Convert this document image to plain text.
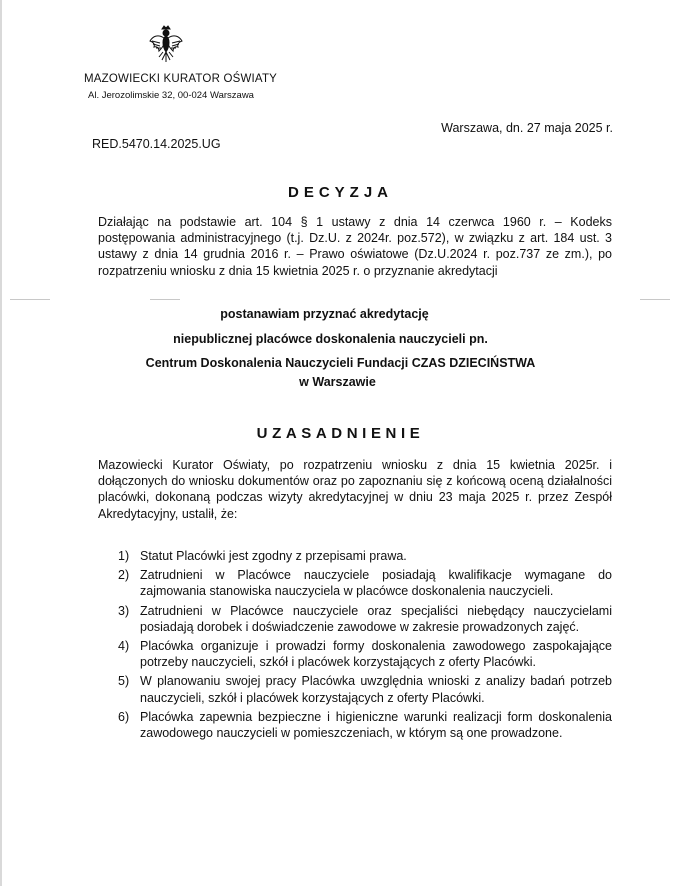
MAZOWIECKI KURATOR OŚWIATY
Al. Jerozolimskie 32, 00-024 Warszawa
Warszawa, dn. 27 maja 2025 r.
RED.5470.14.2025.UG
DECYZJA

Działając na podstawie art. 104 § 1 ustawy z dnia 14 czerwca 1960 r. – Kodeks postępowania administracyjnego (t.j. Dz.U. z 2024r. poz.572), w związku z art. 184 ust. 3 ustawy z dnia 14 grudnia 2016 r. – Prawo oświatowe (Dz.U.2024 r. poz.737 ze zm.), po rozpatrzeniu wniosku z dnia 15 kwietnia 2025 r. o przyznanie akredytacji

postanawiam przyznać akredytację
niepublicznej placówce doskonalenia nauczycieli pn.
Centrum Doskonalenia Nauczycieli Fundacji CZAS DZIECIŃSTWA
w Warszawie
UZASADNIENIE

Mazowiecki Kurator Oświaty, po rozpatrzeniu wniosku z dnia 15 kwietnia 2025r. i dołączonych do wniosku dokumentów oraz po zapoznaniu się z końcową oceną działalności placówki, dokonaną podczas wizyty akredytacyjnej w dniu 23 maja 2025 r. przez Zespół Akredytacyjny, ustalił, że:

1) Statut Placówki jest zgodny z przepisami prawa.
2) Zatrudnieni w Placówce nauczyciele posiadają kwalifikacje wymagane do zajmowania stanowiska nauczyciela w placówce doskonalenia nauczycieli.
3) Zatrudnieni w Placówce nauczyciele oraz specjaliści niebędący nauczycielami posiadają dorobek i doświadczenie zawodowe w zakresie prowadzonych zajęć.
4) Placówka organizuje i prowadzi formy doskonalenia zawodowego zaspokajające potrzeby nauczycieli, szkół i placówek korzystających z oferty Placówki.
5) W planowaniu swojej pracy Placówka uwzględnia wnioski z analizy badań potrzeb nauczycieli, szkół i placówek korzystających z oferty Placówki.
6) Placówka zapewnia bezpieczne i higieniczne warunki realizacji form doskonalenia zawodowego nauczycieli w pomieszczeniach, w którym są one prowadzone.
